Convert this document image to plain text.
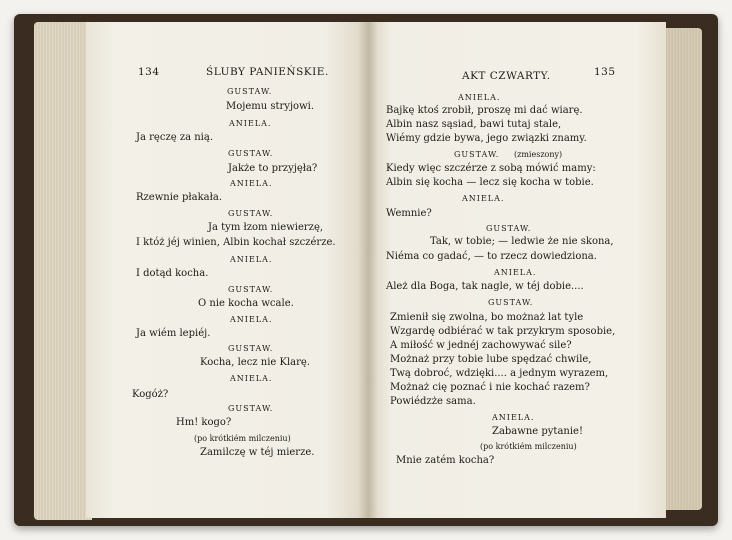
134	ŚLUBY PANIEŃSKIE.
GUSTAW.
Mojemu stryjowi.
ANIELA.
Ja ręczę za nią.
GUSTAW.
Jakże to przyjęła?
ANIELA.
Rzewnie płakała.
GUSTAW.
Ja tym łzom niewierzę,
I któż jéj winien, Albin kochał szczérze.
ANIELA.
I dotąd kocha.
GUSTAW.
O nie kocha wcale.
ANIELA.
Ja wiém lepiéj.
GUSTAW.
Kocha, lecz nie Klarę.
ANIELA.
Kogóż?
GUSTAW.
Hm! kogo?
(po krótkiém milczeniu)
Zamilczę w téj mierze.
AKT CZWARTY.	135
ANIELA.
Bajkę ktoś zrobił, proszę mi dać wiarę.
Albin nasz sąsiad, bawi tutaj stale,
Wiémy gdzie bywa, jego związki znamy.
GUSTAW. (zmieszony)
Kiedy więc szczérze z sobą mówić mamy:
Albin się kocha — lecz się kocha w tobie.
ANIELA.
Wemnie?
GUSTAW.
Tak, w tobie; — ledwie że nie skona,
Niéma co gadać, — to rzecz dowiedziona.
ANIELA.
Ależ dla Boga, tak nagle, w téj dobie....
GUSTAW.
Zmienił się zwolna, bo możnaż lat tyle
Wzgardę odbiérać w tak przykrym sposobie,
A miłość w jednéj zachowywać sile?
Możnaż przy tobie lube spędzać chwile,
Twą dobroć, wdzięki.... a jednym wyrazem,
Możnaż cię poznać i nie kochać razem?
Powiédzże sama.
ANIELA.
Zabawne pytanie!
(po krótkiém milczeniu)
Mnie zatém kocha?
